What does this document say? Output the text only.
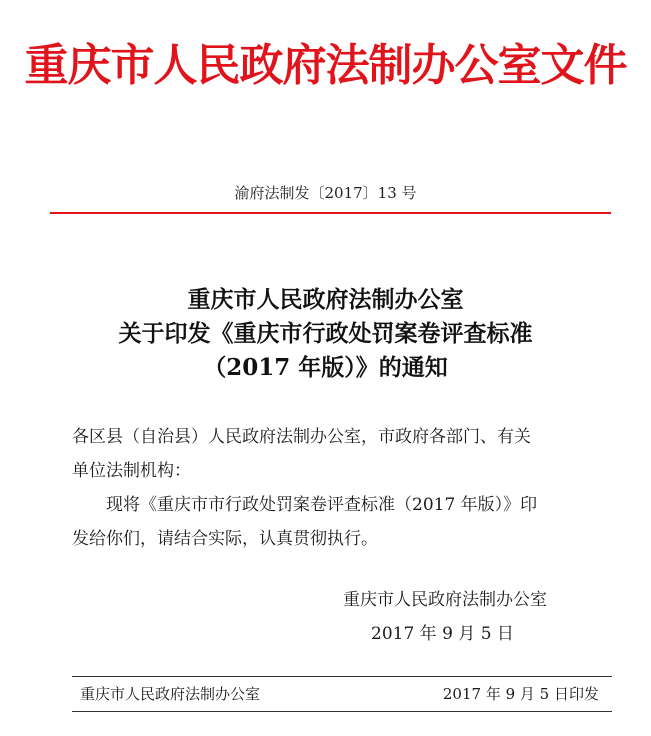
重庆市人民政府法制办公室文件
渝府法制发〔2017〕13 号
重庆市人民政府法制办公室
关于印发《重庆市行政处罚案卷评查标准
（2017 年版）》的通知
各区县（自治县）人民政府法制办公室，市政府各部门、有关
单位法制机构：
现将《重庆市市行政处罚案卷评查标准（2017 年版）》印
发给你们，请结合实际，认真贯彻执行。
重庆市人民政府法制办公室
2017 年 9 月 5 日
重庆市人民政府法制办公室	2017 年 9 月 5 日印发
